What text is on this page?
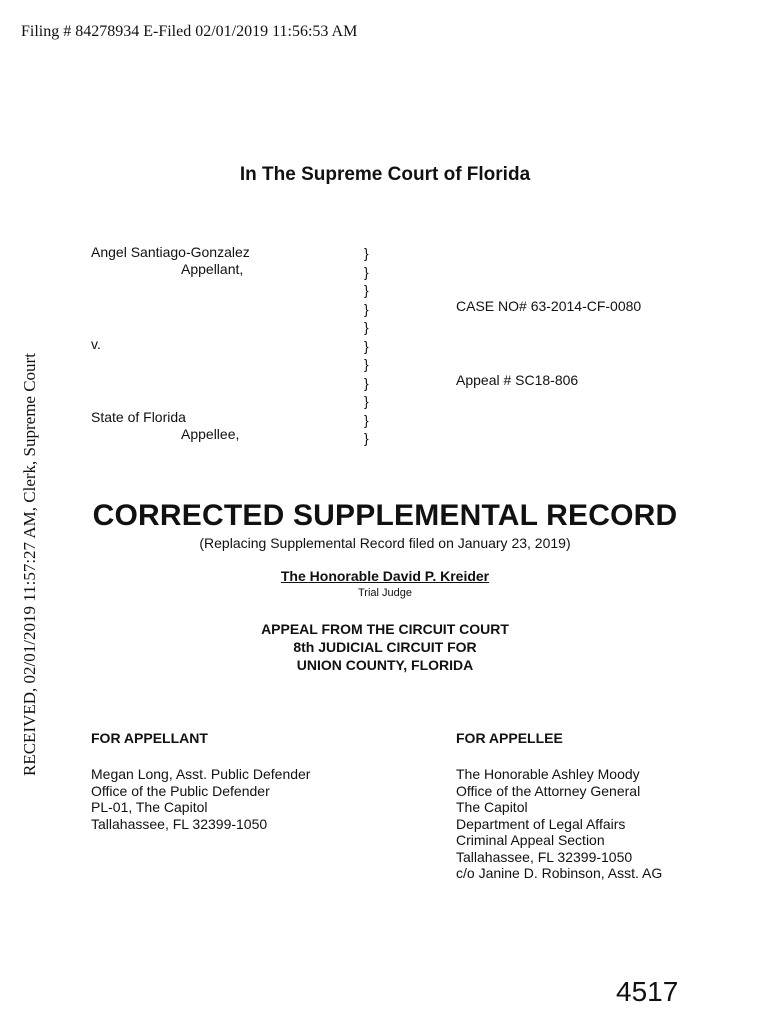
Filing # 84278934 E-Filed 02/01/2019 11:56:53 AM
RECEIVED, 02/01/2019 11:57:27 AM, Clerk, Supreme Court
In The Supreme Court of Florida
Angel Santiago-Gonzalez
Appellant,
v.
State of Florida
Appellee,
}
}
}
}
}
}
}
}
}
}
}
CASE NO# 63-2014-CF-0080
Appeal # SC18-806
CORRECTED SUPPLEMENTAL RECORD
(Replacing Supplemental Record filed on January 23, 2019)
The Honorable David P. Kreider
Trial Judge
APPEAL FROM THE CIRCUIT COURT
8th JUDICIAL CIRCUIT FOR
UNION COUNTY, FLORIDA
FOR APPELLANT	FOR APPELLEE
Megan Long, Asst. Public Defender
Office of the Public Defender
PL-01, The Capitol
Tallahassee, FL 32399-1050
The Honorable Ashley Moody
Office of the Attorney General
The Capitol
Department of Legal Affairs
Criminal Appeal Section
Tallahassee, FL 32399-1050
c/o Janine D. Robinson, Asst. AG
4517
